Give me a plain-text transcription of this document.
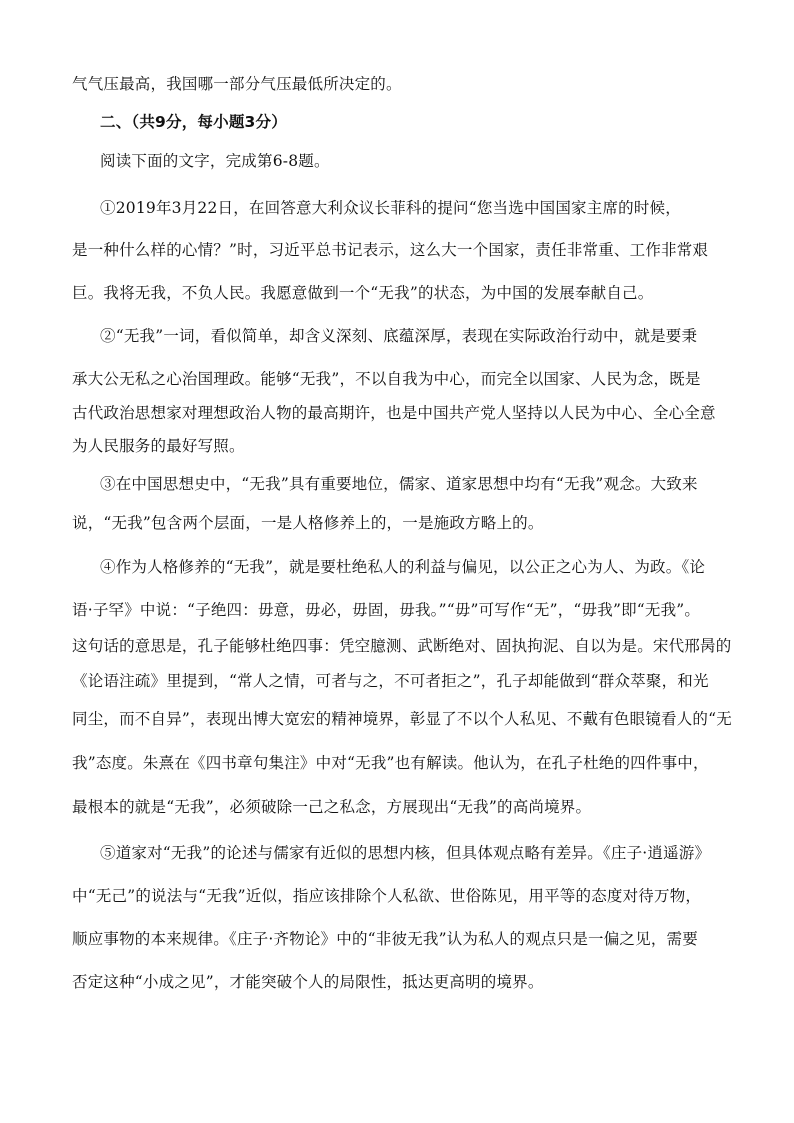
气气压最高，我国哪一部分气压最低所决定的。
二、（共9分，每小题3分）
阅读下面的文字，完成第6-8题。
①2019年3月22日，在回答意大利众议长菲科的提问“您当选中国国家主席的时候，
是一种什么样的心情？”时，习近平总书记表示，这么大一个国家，责任非常重、工作非常艰
巨。我将无我，不负人民。我愿意做到一个“无我”的状态，为中国的发展奉献自己。
②“无我”一词，看似简单，却含义深刻、底蕴深厚，表现在实际政治行动中，就是要秉
承大公无私之心治国理政。能够“无我”，不以自我为中心，而完全以国家、人民为念，既是
古代政治思想家对理想政治人物的最高期许，也是中国共产党人坚持以人民为中心、全心全意
为人民服务的最好写照。
③在中国思想史中，“无我”具有重要地位，儒家、道家思想中均有“无我”观念。大致来
说，“无我”包含两个层面，一是人格修养上的，一是施政方略上的。
④作为人格修养的“无我”，就是要杜绝私人的利益与偏见，以公正之心为人、为政。《论
语·子罕》中说：“子绝四：毋意，毋必，毋固，毋我。”“毋”可写作“无”，“毋我”即“无我”。
这句话的意思是，孔子能够杜绝四事：凭空臆测、武断绝对、固执拘泥、自以为是。宋代邢昺的
《论语注疏》里提到，“常人之情，可者与之，不可者拒之”，孔子却能做到“群众萃聚，和光
同尘，而不自异”，表现出博大宽宏的精神境界，彰显了不以个人私见、不戴有色眼镜看人的“无
我”态度。朱熹在《四书章句集注》中对“无我”也有解读。他认为，在孔子杜绝的四件事中，
最根本的就是“无我”，必须破除一己之私念，方展现出“无我”的高尚境界。
⑤道家对“无我”的论述与儒家有近似的思想内核，但具体观点略有差异。《庄子·逍遥游》
中“无己”的说法与“无我”近似，指应该排除个人私欲、世俗陈见，用平等的态度对待万物，
顺应事物的本来规律。《庄子·齐物论》中的“非彼无我”认为私人的观点只是一偏之见，需要
否定这种“小成之见”，才能突破个人的局限性，抵达更高明的境界。
